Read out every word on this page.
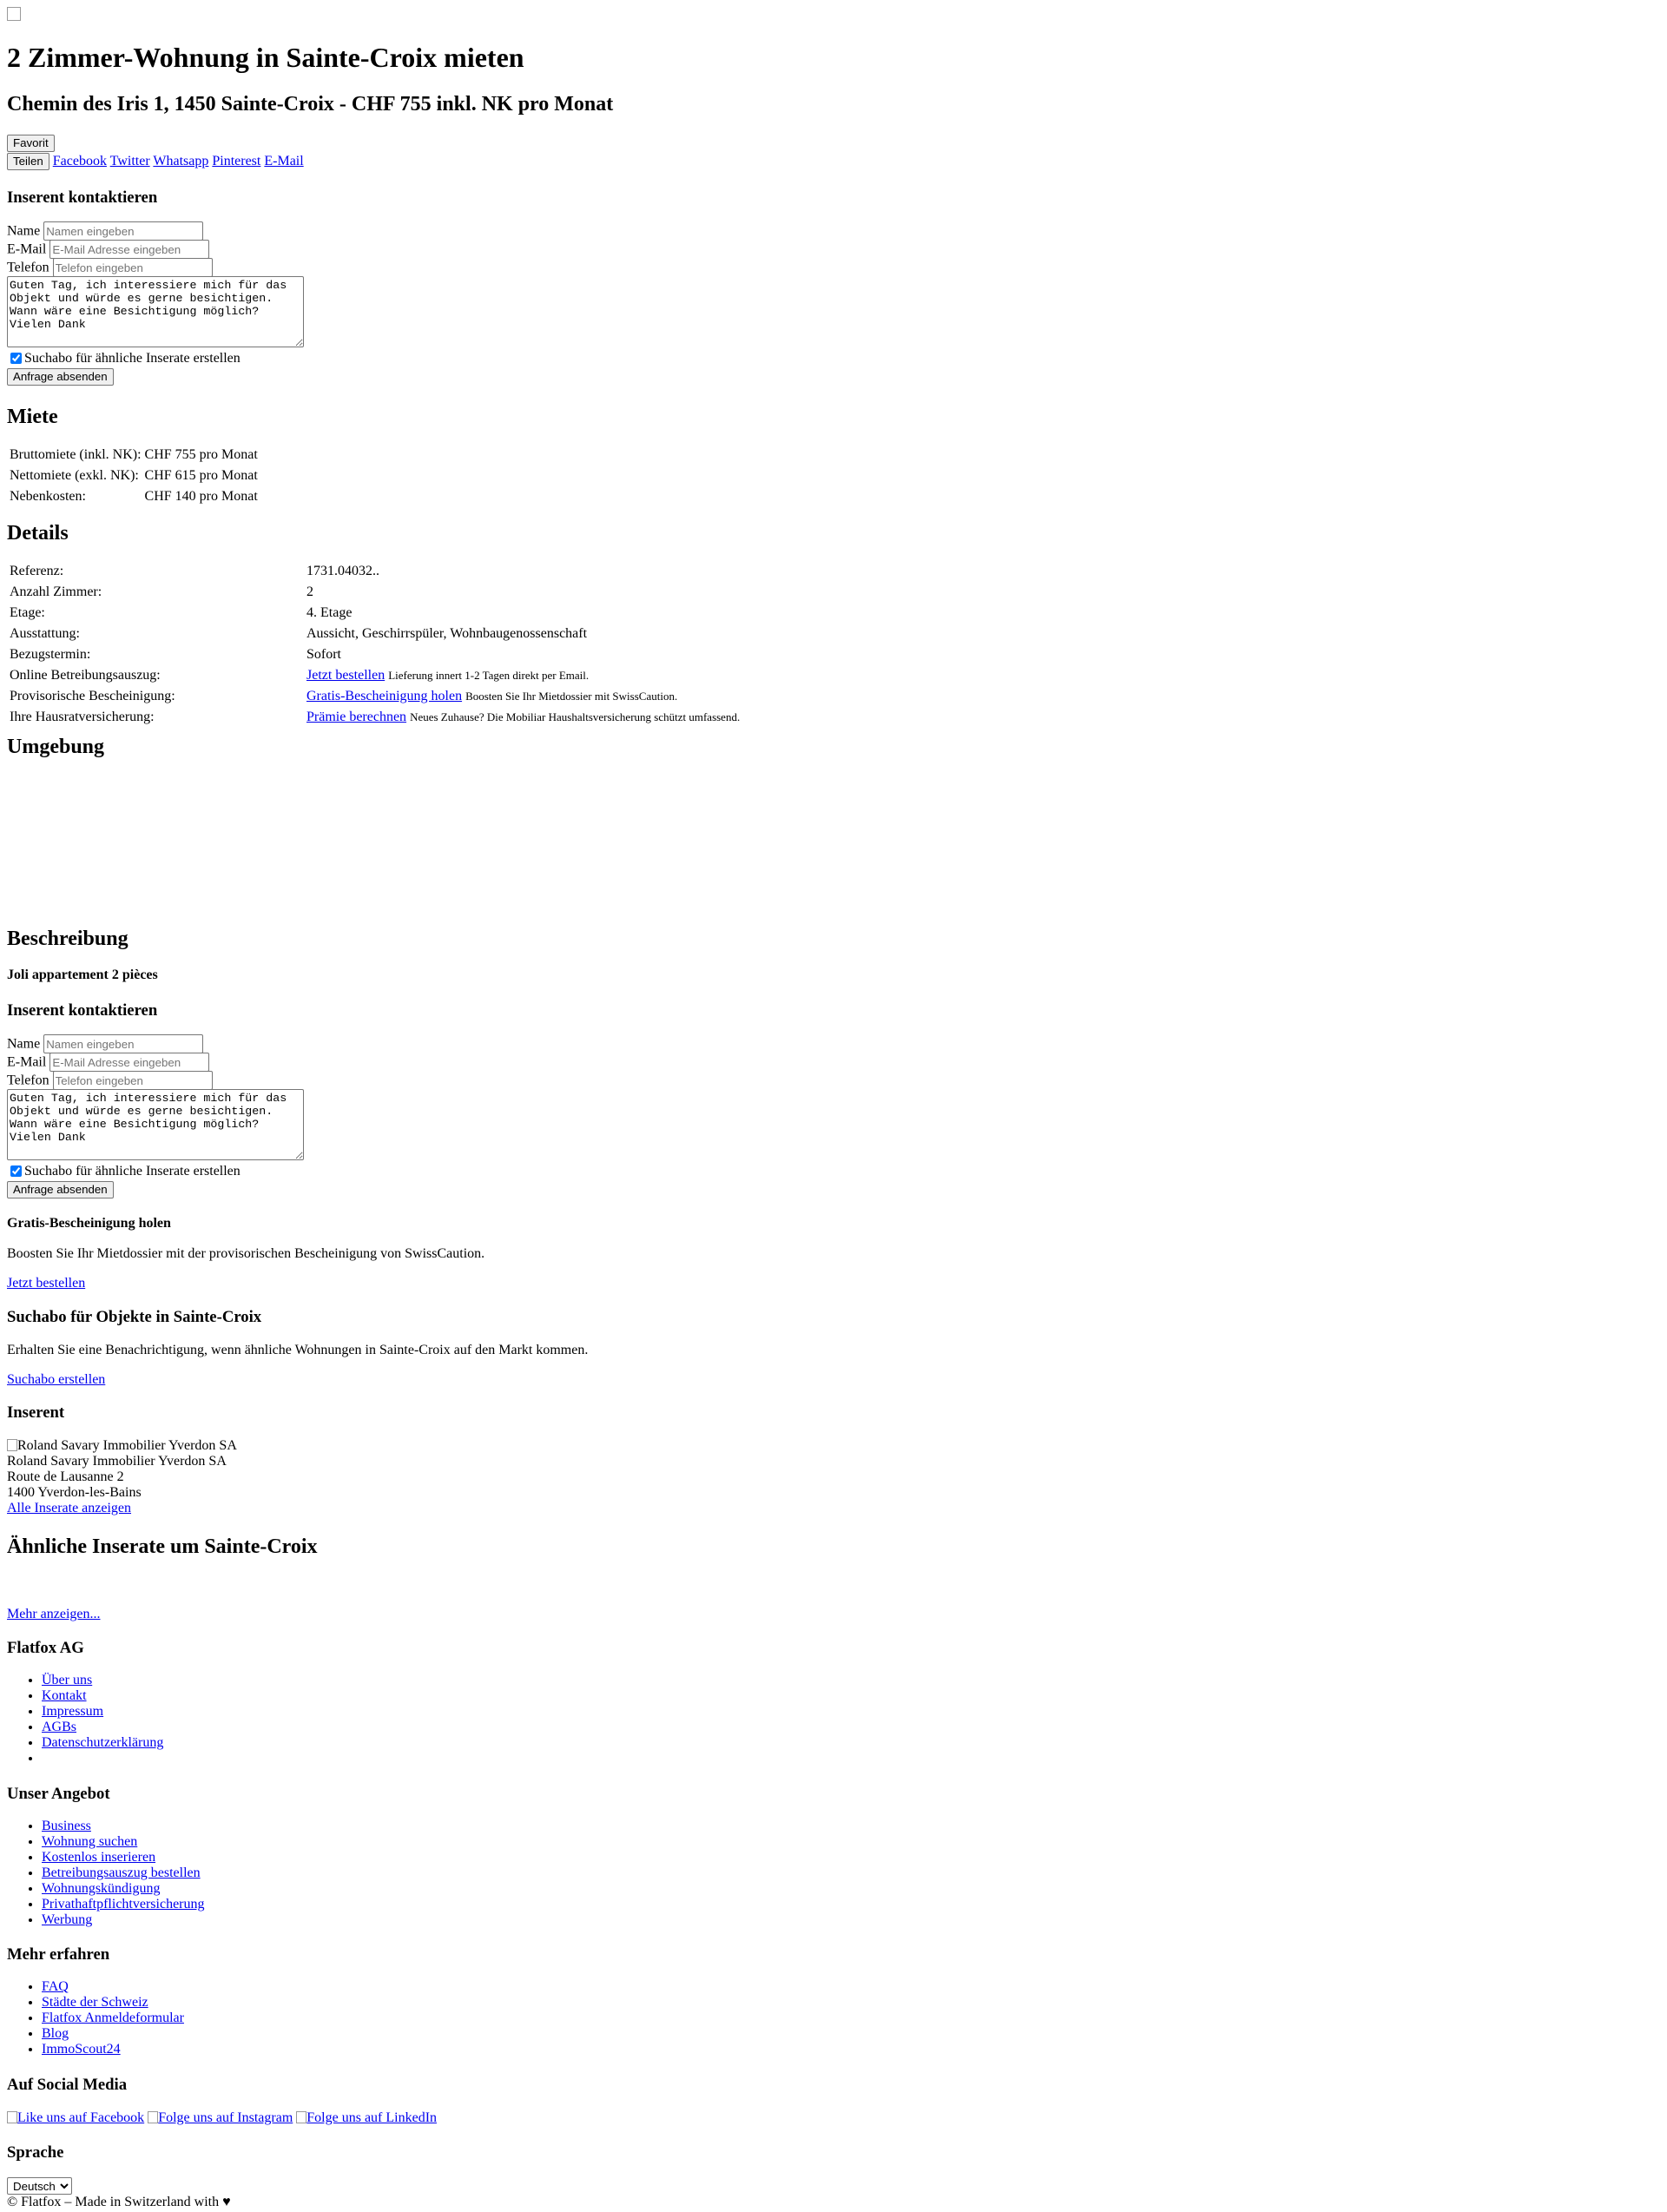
2 Zimmer-Wohnung in Sainte-Croix mieten
Chemin des Iris 1, 1450 Sainte-Croix - CHF 755 inkl. NK pro Monat
Favorit
Teilen Facebook Twitter Whatsapp Pinterest E-Mail
Inserent kontaktieren
Name Namen eingeben
E-Mail E-Mail Adresse eingeben
Telefon Telefon eingeben
Guten Tag, ich interessiere mich für das Objekt und würde es gerne besichtigen. Wann wäre eine Besichtigung möglich? Vielen Dank
Suchabo für ähnliche Inserate erstellen
Anfrage absenden
Miete
Bruttomiete (inkl. NK):	CHF 755 pro Monat
Nettomiete (exkl. NK):	CHF 615 pro Monat
Nebenkosten:	CHF 140 pro Monat
Details
Referenz:	1731.04032..
Anzahl Zimmer:	2
Etage:	4. Etage
Ausstattung:	Aussicht, Geschirrspüler, Wohnbaugenossenschaft
Bezugstermin:	Sofort
Online Betreibungsauszug:	Jetzt bestellen Lieferung innert 1-2 Tagen direkt per Email.
Provisorische Bescheinigung:	Gratis-Bescheinigung holen Boosten Sie Ihr Mietdossier mit SwissCaution.
Ihre Hausratversicherung:	Prämie berechnen Neues Zuhause? Die Mobiliar Haushaltsversicherung schützt umfassend.
Umgebung
Beschreibung
Joli appartement 2 pièces
Inserent kontaktieren
Name Namen eingeben
E-Mail E-Mail Adresse eingeben
Telefon Telefon eingeben
Guten Tag, ich interessiere mich für das Objekt und würde es gerne besichtigen. Wann wäre eine Besichtigung möglich? Vielen Dank
Suchabo für ähnliche Inserate erstellen
Anfrage absenden
Gratis-Bescheinigung holen

Boosten Sie Ihr Mietdossier mit der provisorischen Bescheinigung von SwissCaution.

Jetzt bestellen
Suchabo für Objekte in Sainte-Croix

Erhalten Sie eine Benachrichtigung, wenn ähnliche Wohnungen in Sainte-Croix auf den Markt kommen.

Suchabo erstellen
Inserent
Roland Savary Immobilier Yverdon SA
Roland Savary Immobilier Yverdon SA
Route de Lausanne 2
1400 Yverdon-les-Bains
Alle Inserate anzeigen
Ähnliche Inserate um Sainte-Croix
Mehr anzeigen...
Flatfox AG
• Über uns
• Kontakt
• Impressum
• AGBs
• Datenschutzerklärung
•
Unser Angebot
• Business
• Wohnung suchen
• Kostenlos inserieren
• Betreibungsauszug bestellen
• Wohnungskündigung
• Privathaftpflichtversicherung
• Werbung
Mehr erfahren
• FAQ
• Städte der Schweiz
• Flatfox Anmeldeformular
• Blog
• ImmoScout24
Auf Social Media
Like uns auf Facebook Folge uns auf Instagram Folge uns auf LinkedIn
Sprache
Deutsch
© Flatfox – Made in Switzerland with ♥
